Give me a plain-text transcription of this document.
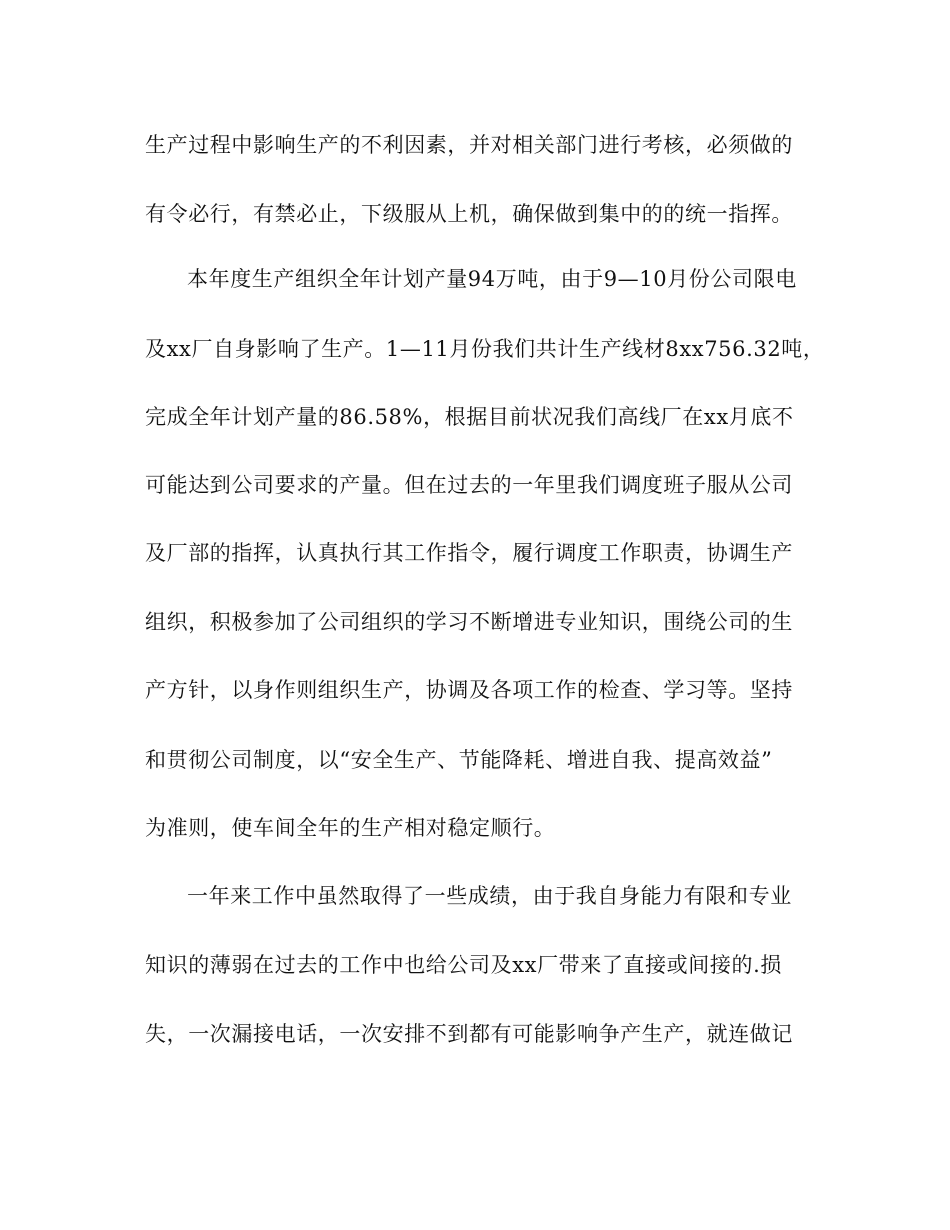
生产过程中影响生产的不利因素，并对相关部门进行考核，必须做的
有令必行，有禁必止，下级服从上机，确保做到集中的的统一指挥。
本年度生产组织全年计划产量94万吨，由于9—10月份公司限电
及xx厂自身影响了生产。1—11月份我们共计生产线材8xx756.32吨，
完成全年计划产量的86.58%，根据目前状况我们高线厂在xx月底不
可能达到公司要求的产量。但在过去的一年里我们调度班子服从公司
及厂部的指挥，认真执行其工作指令，履行调度工作职责，协调生产
组织，积极参加了公司组织的学习不断增进专业知识，围绕公司的生
产方针，以身作则组织生产，协调及各项工作的检查、学习等。坚持
和贯彻公司制度，以“安全生产、节能降耗、增进自我、提高效益”
为准则，使车间全年的生产相对稳定顺行。
一年来工作中虽然取得了一些成绩，由于我自身能力有限和专业
知识的薄弱在过去的工作中也给公司及xx厂带来了直接或间接的.损
失，一次漏接电话，一次安排不到都有可能影响争产生产，就连做记
